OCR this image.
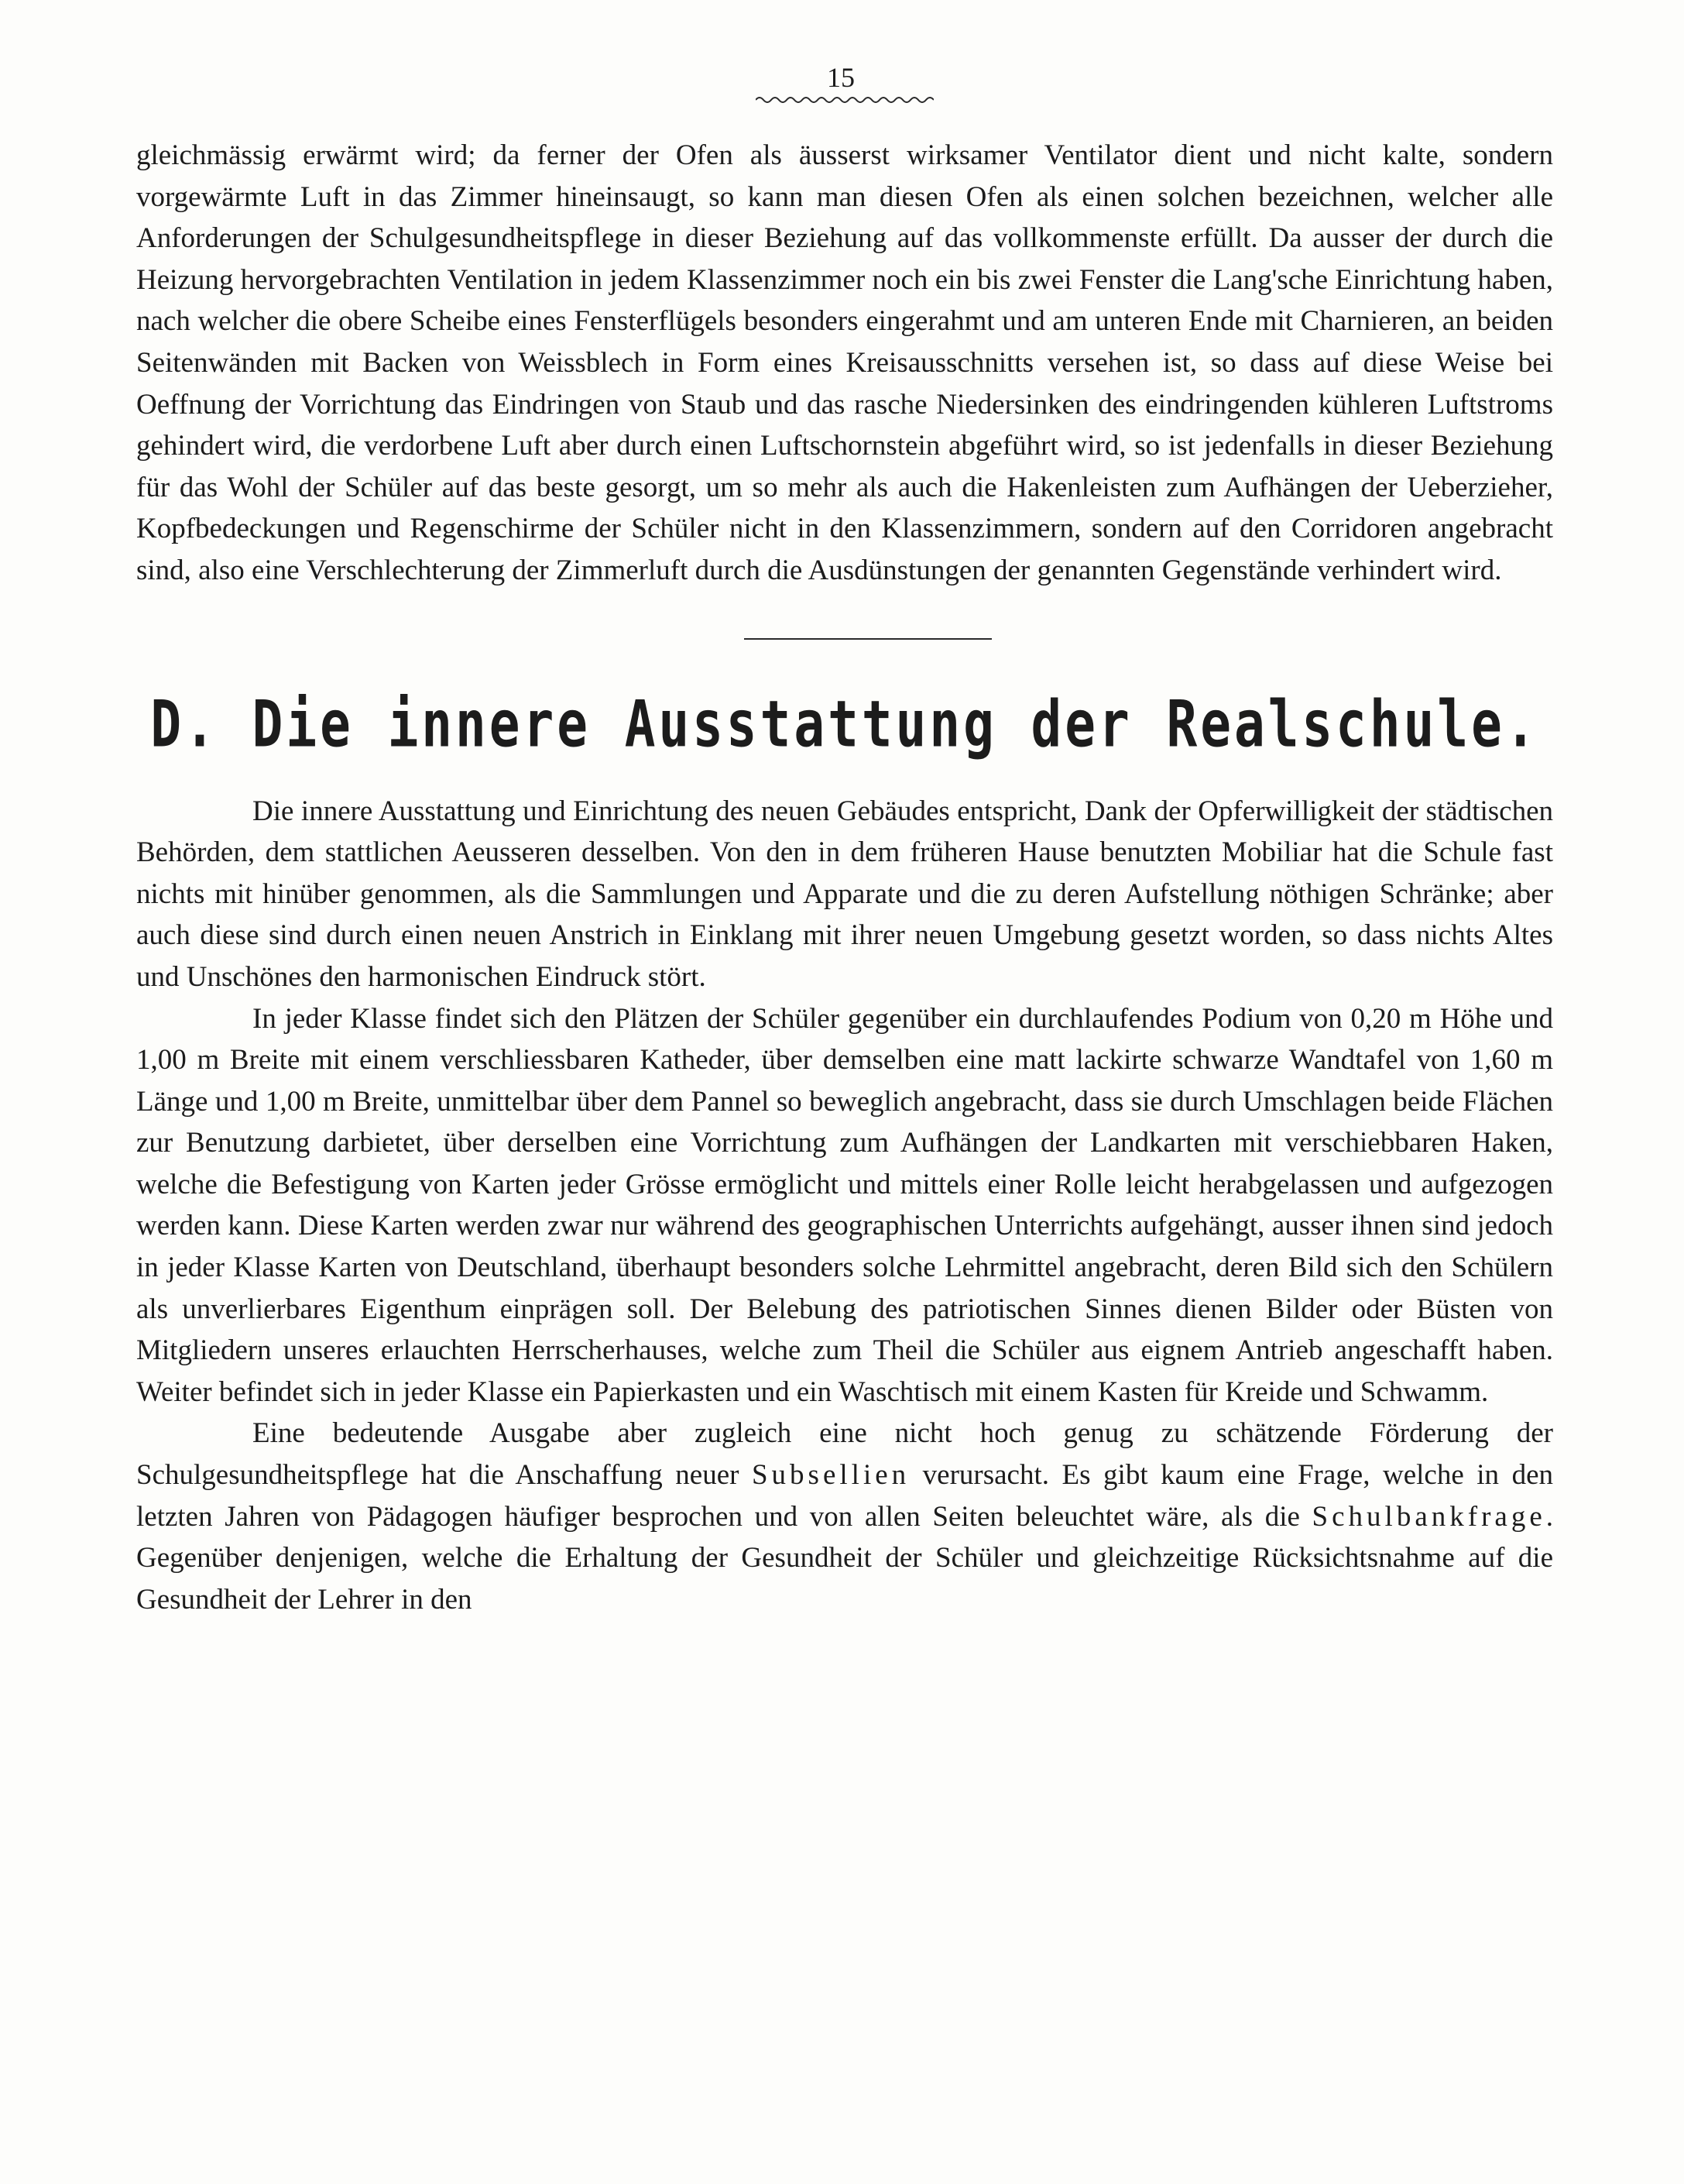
15

gleichmässig erwärmt wird; da ferner der Ofen als äusserst wirksamer Ventilator dient und nicht kalte, sondern vorgewärmte Luft in das Zimmer hineinsaugt, so kann man diesen Ofen als einen solchen bezeichnen, welcher alle Anforderungen der Schulgesundheitspflege in dieser Beziehung auf das vollkommenste erfüllt. Da ausser der durch die Heizung hervorgebrachten Ventilation in jedem Klassenzimmer noch ein bis zwei Fenster die Lang'sche Einrichtung haben, nach welcher die obere Scheibe eines Fensterflügels besonders eingerahmt und am unteren Ende mit Charnieren, an beiden Seitenwänden mit Backen von Weissblech in Form eines Kreisausschnitts versehen ist, so dass auf diese Weise bei Oeffnung der Vorrichtung das Eindringen von Staub und das rasche Niedersinken des eindringenden kühleren Luftstroms gehindert wird, die verdorbene Luft aber durch einen Luftschornstein abgeführt wird, so ist jedenfalls in dieser Beziehung für das Wohl der Schüler auf das beste gesorgt, um so mehr als auch die Hakenleisten zum Aufhängen der Ueberzieher, Kopfbedeckungen und Regenschirme der Schüler nicht in den Klassenzimmern, sondern auf den Corridoren angebracht sind, also eine Verschlechterung der Zimmerluft durch die Ausdünstungen der genannten Gegenstände verhindert wird.

D. Die innere Ausstattung der Realschule.

Die innere Ausstattung und Einrichtung des neuen Gebäudes entspricht, Dank der Opferwilligkeit der städtischen Behörden, dem stattlichen Aeusseren desselben. Von den in dem früheren Hause benutzten Mobiliar hat die Schule fast nichts mit hinüber genommen, als die Sammlungen und Apparate und die zu deren Aufstellung nöthigen Schränke; aber auch diese sind durch einen neuen Anstrich in Einklang mit ihrer neuen Umgebung gesetzt worden, so dass nichts Altes und Unschönes den harmonischen Eindruck stört.

In jeder Klasse findet sich den Plätzen der Schüler gegenüber ein durchlaufendes Podium von 0,20 m Höhe und 1,00 m Breite mit einem verschliessbaren Katheder, über demselben eine matt lackirte schwarze Wandtafel von 1,60 m Länge und 1,00 m Breite, unmittelbar über dem Pannel so beweglich angebracht, dass sie durch Umschlagen beide Flächen zur Benutzung darbietet, über derselben eine Vorrichtung zum Aufhängen der Landkarten mit verschiebbaren Haken, welche die Befestigung von Karten jeder Grösse ermöglicht und mittels einer Rolle leicht herabgelassen und aufgezogen werden kann. Diese Karten werden zwar nur während des geographischen Unterrichts aufgehängt, ausser ihnen sind jedoch in jeder Klasse Karten von Deutschland, überhaupt besonders solche Lehrmittel angebracht, deren Bild sich den Schülern als unverlierbares Eigenthum einprägen soll. Der Belebung des patriotischen Sinnes dienen Bilder oder Büsten von Mitgliedern unseres erlauchten Herrscherhauses, welche zum Theil die Schüler aus eignem Antrieb angeschafft haben. Weiter befindet sich in jeder Klasse ein Papierkasten und ein Waschtisch mit einem Kasten für Kreide und Schwamm.

Eine bedeutende Ausgabe aber zugleich eine nicht hoch genug zu schätzende Förderung der Schulgesundheitspflege hat die Anschaffung neuer Subsellien verursacht. Es gibt kaum eine Frage, welche in den letzten Jahren von Pädagogen häufiger besprochen und von allen Seiten beleuchtet wäre, als die Schulbankfrage. Gegenüber denjenigen, welche die Erhaltung der Gesundheit der Schüler und gleichzeitige Rücksichtsnahme auf die Gesundheit der Lehrer in den
